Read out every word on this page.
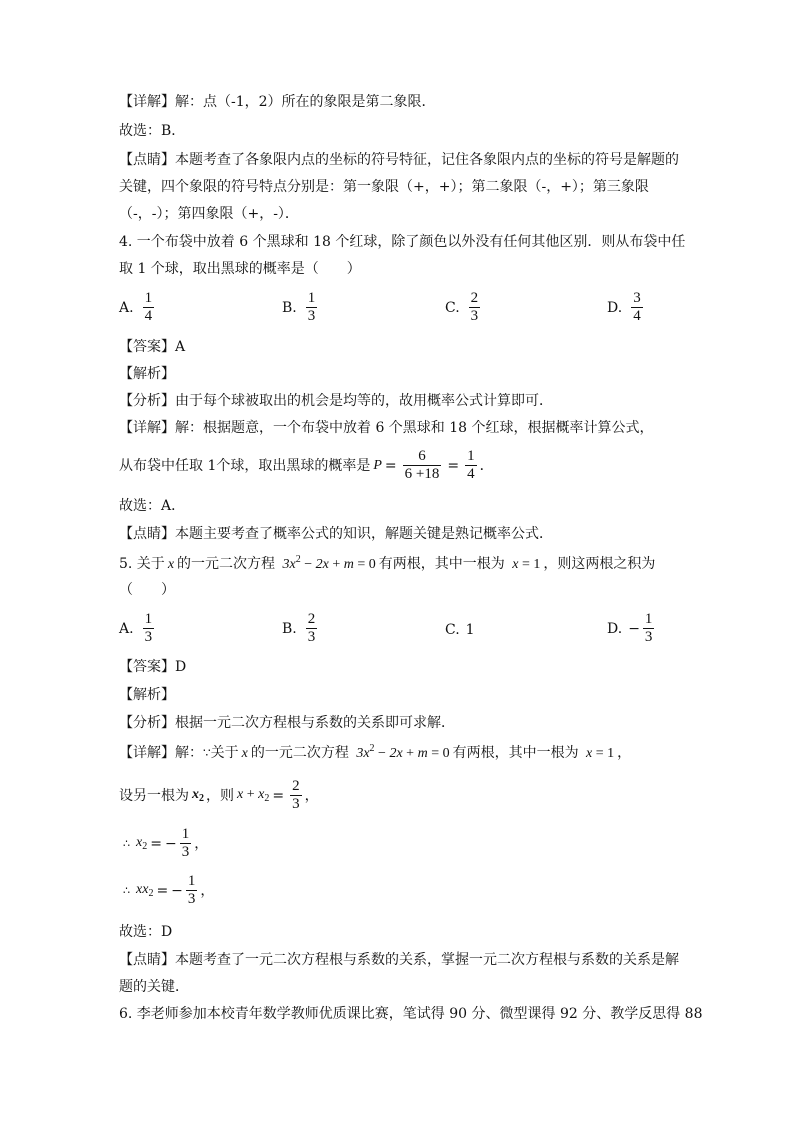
【详解】解：点（-1，2）所在的象限是第二象限．
故选：B．
【点睛】本题考查了各象限内点的坐标的符号特征，记住各象限内点的坐标的符号是解题的
关键，四个象限的符号特点分别是：第一象限（+，+）；第二象限（-，+）；第三象限
（-，-）；第四象限（+，-）．
4. 一个布袋中放着 6 个黑球和 18 个红球，除了颜色以外没有任何其他区别．则从布袋中任
取 1 个球，取出黑球的概率是（　　）
A. $\frac{1}{4}$	B. $\frac{1}{3}$	C. $\frac{2}{3}$	D. $\frac{3}{4}$
【答案】A
【解析】
【分析】由于每个球被取出的机会是均等的，故用概率公式计算即可．
【详解】解：根据题意，一个布袋中放着 6 个黑球和 18 个红球，根据概率计算公式，
从布袋中任取 1个球，取出黑球的概率是 $P = \frac{6}{6 +18} = \frac{1}{4}$ ．
故选：A．
【点睛】本题主要考查了概率公式的知识，解题关键是熟记概率公式．
5. 关于 x 的一元二次方程 $3x^2 - 2x + m = 0$ 有两根，其中一根为 x = 1 ，则这两根之积为
（　　）
A. $\frac{1}{3}$	B. $\frac{2}{3}$	C. 1	D. − $\frac{1}{3}$
【答案】D
【解析】
【分析】根据一元二次方程根与系数的关系即可求解．
【详解】解：∵关于 x 的一元二次方程 $3x^2 - 2x + m = 0$ 有两根，其中一根为 x = 1 ，
设另一根为 $x_2$ ，则 $x + x_2 = \frac{2}{3}$ ，
∴ $x_2$ = − $\frac{1}{3}$ ，
∴ $xx_2$ = − $\frac{1}{3}$ ，
故选：D
【点睛】本题考查了一元二次方程根与系数的关系，掌握一元二次方程根与系数的关系是解
题的关键．
6. 李老师参加本校青年数学教师优质课比赛，笔试得 90 分、微型课得 92 分、教学反思得 88
